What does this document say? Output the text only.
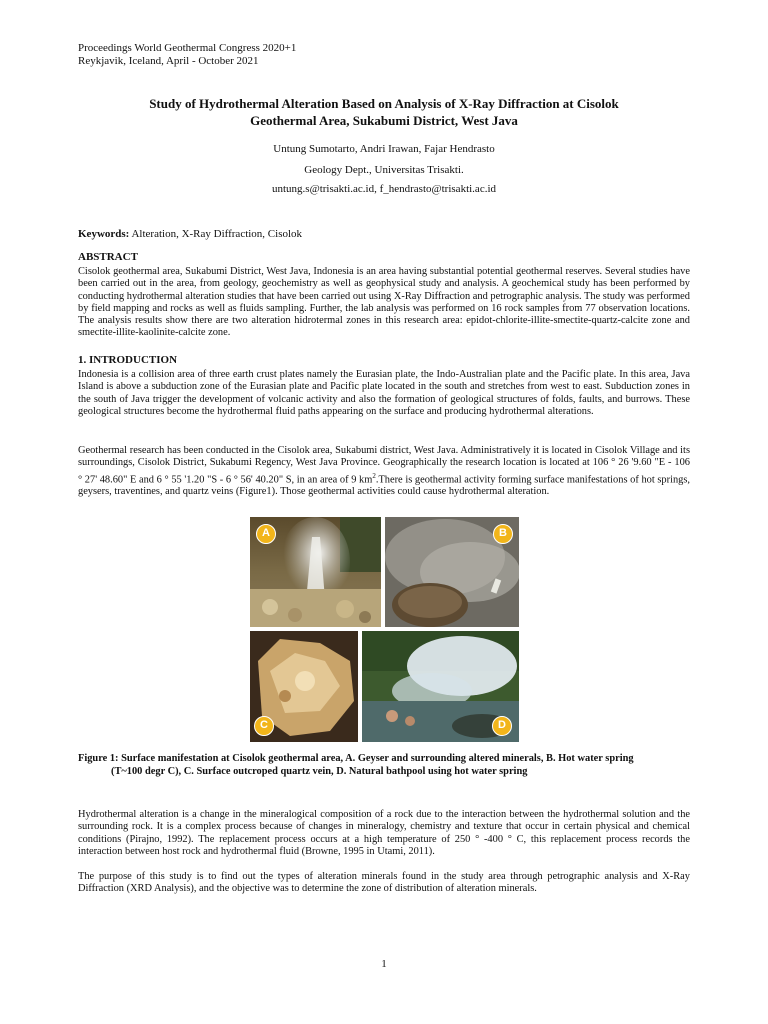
Proceedings World Geothermal Congress 2020+1
Reykjavik, Iceland, April - October 2021
Study of Hydrothermal Alteration Based on Analysis of X-Ray Diffraction at Cisolok
Geothermal Area, Sukabumi District, West Java
Untung Sumotarto, Andri Irawan, Fajar Hendrasto
Geology Dept., Universitas Trisakti.
untung.s@trisakti.ac.id, f_hendrasto@trisakti.ac.id
Keywords: Alteration, X-Ray Diffraction, Cisolok
ABSTRACT
Cisolok geothermal area, Sukabumi District, West Java, Indonesia is an area having substantial potential geothermal reserves. Several studies have been carried out in the area, from geology, geochemistry as well as geophysical study and analysis. A geochemical study has been performed by conducting hydrothermal alteration studies that have been carried out using X-Ray Diffraction and petrographic analysis. The study was performed by field mapping and rocks as well as fluids sampling. Further, the lab analysis was performed on 16 rock samples from 77 observation locations. The analysis results show there are two alteration hidrotermal zones in this research area: epidot-chlorite-illite-smectite-quartz-calcite zone and smectite-illite-kaolinite-calcite zone.
1. INTRODUCTION
Indonesia is a collision area of three earth crust plates namely the Eurasian plate, the Indo-Australian plate and the Pacific plate. In this area, Java Island is above a subduction zone of the Eurasian plate and Pacific plate located in the south and stretches from west to east. Subduction zones in the south of Java trigger the development of volcanic activity and also the formation of geological structures of folds, faults, and burrows. These geological structures become the hydrothermal fluid paths appearing on the surface and producing hydrothermal alterations.
Geothermal research has been conducted in the Cisolok area, Sukabumi district, West Java. Administratively it is located in Cisolok Village and its surroundings, Cisolok District, Sukabumi Regency, West Java Province. Geographically the research location is located at 106 ° 26 '9.60 "E - 106 ° 27' 48.60" E and 6 ° 55 '1.20 "S - 6 ° 56' 40.20" S, in an area of 9 $km^2.There$ is geothermal activity forming surface manifestations of hot springs, geysers, traventines, and quartz veins (Figure1). Those geothermal activities could cause hydrothermal alteration.
A	B
C	D
Figure 1: Surface manifestation at Cisolok geothermal area, A. Geyser and surrounding altered minerals, B. Hot water spring
(T~100 degr C), C. Surface outcroped quartz vein, D. Natural bathpool using hot water spring
Hydrothermal alteration is a change in the mineralogical composition of a rock due to the interaction between the hydrothermal solution and the surrounding rock. It is a complex process because of changes in mineralogy, chemistry and texture that occur in certain physical and chemical conditions (Pirajno, 1992). The replacement process occurs at a high temperature of 250 ° -400 ° C, this replacement process records the interaction between host rock and hydrothermal fluid (Browne, 1995 in Utami, 2011).
The purpose of this study is to find out the types of alteration minerals found in the study area through petrographic analysis and X-Ray Diffraction (XRD Analysis), and the objective was to determine the zone of distribution of alteration minerals.
1
